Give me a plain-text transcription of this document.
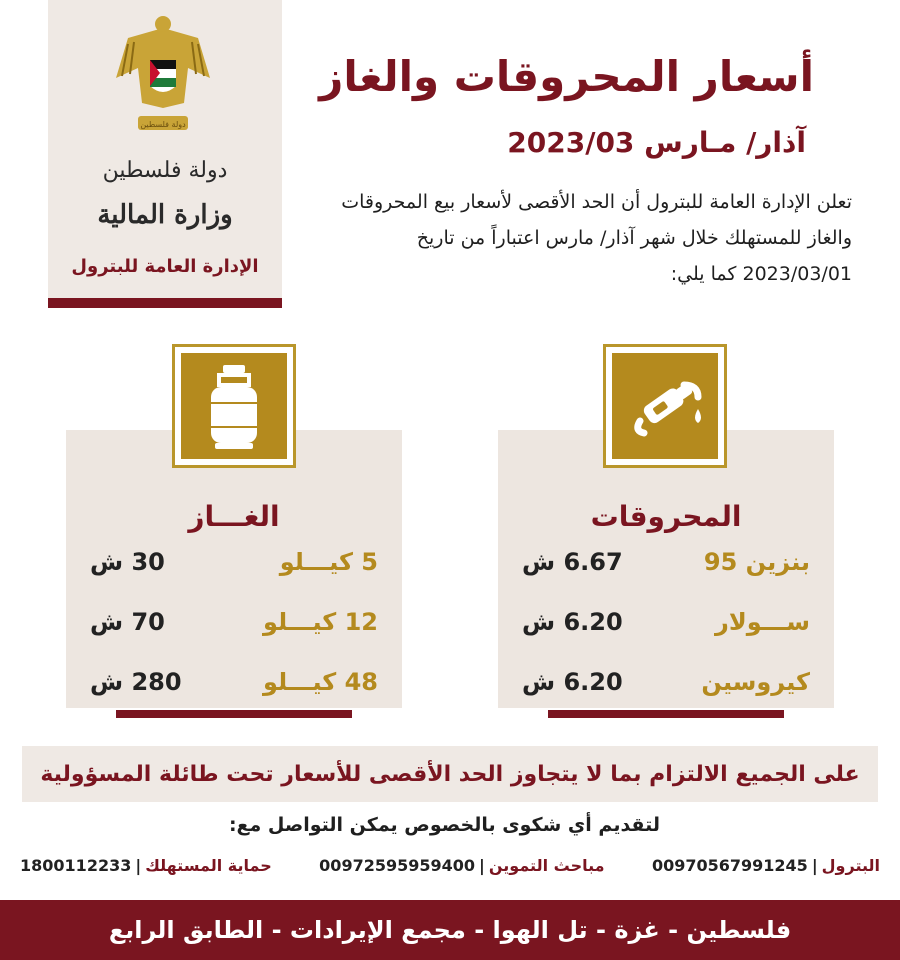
دولة فلسطين
دولة فلسطين
وزارة المالية
الإدارة العامة للبترول
أسعار المحروقات والغاز
آذار/ مـارس 2023/03
تعلن الإدارة العامة للبترول أن الحد الأقصى لأسعار بيع المحروقات والغاز للمستهلك خلال شهر آذار/ مارس اعتباراً من تاريخ 2023/03/01 كما يلي:
المحروقات
بنزين 95
6.67 ش
ســـولار
6.20 ش
كيروسين
6.20 ش
الغـــاز
5 كيـــلو
30 ش
12 كيـــلو
70 ش
48 كيـــلو
280 ش
على الجميع الالتزام بما لا يتجاوز الحد الأقصى للأسعار تحت طائلة المسؤولية
لتقديم أي شكوى بالخصوص يمكن التواصل مع:
البترول|00970567991245
مباحث التموين|00972595959400
حماية المستهلك|1800112233
فلسطين - غزة - تل الهوا - مجمع الإيرادات - الطابق الرابع
